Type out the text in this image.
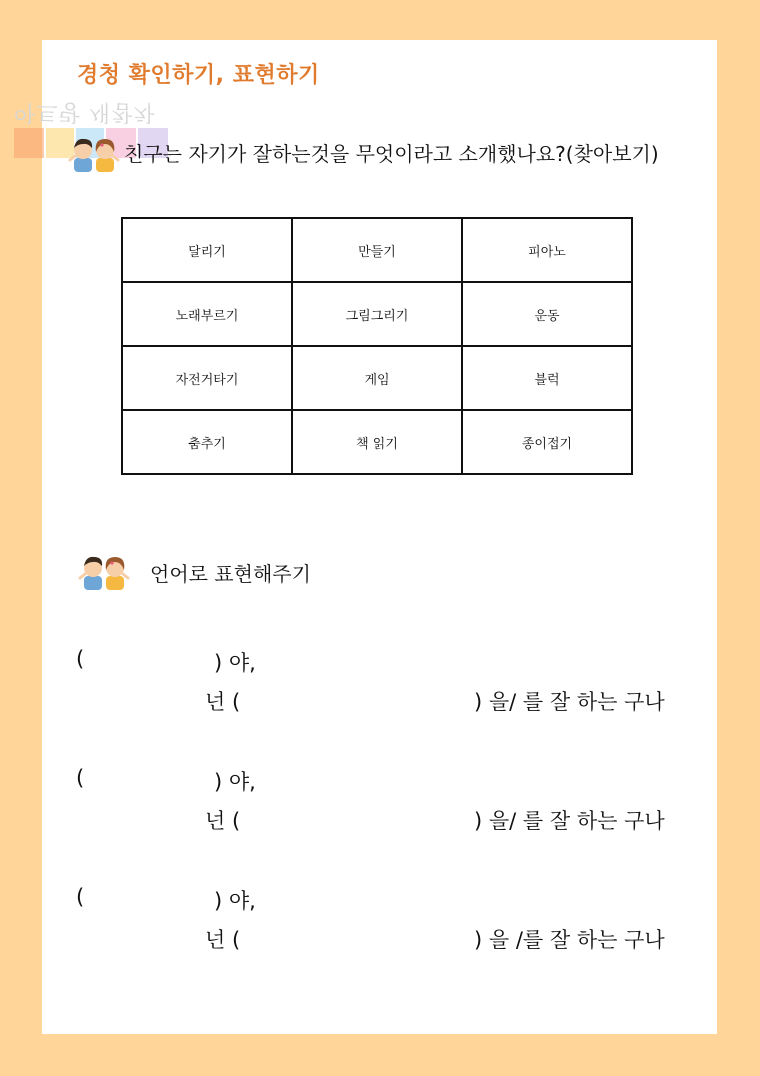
아트랑 새참차
경청 확인하기, 표현하기
친구는 자기가 잘하는것을 무엇이라고 소개했나요?(찾아보기)
달리기	만들기	피아노
노래부르기	그림그리기	운동
자전거타기	게임	블럭
춤추기	책 읽기	종이접기
언어로 표현해주기
(	) 야,
넌 (	) 을/ 를 잘 하는 구나
(	) 야,
넌 (	) 을/ 를 잘 하는 구나
(	) 야,
넌 (	) 을 /를 잘 하는 구나
